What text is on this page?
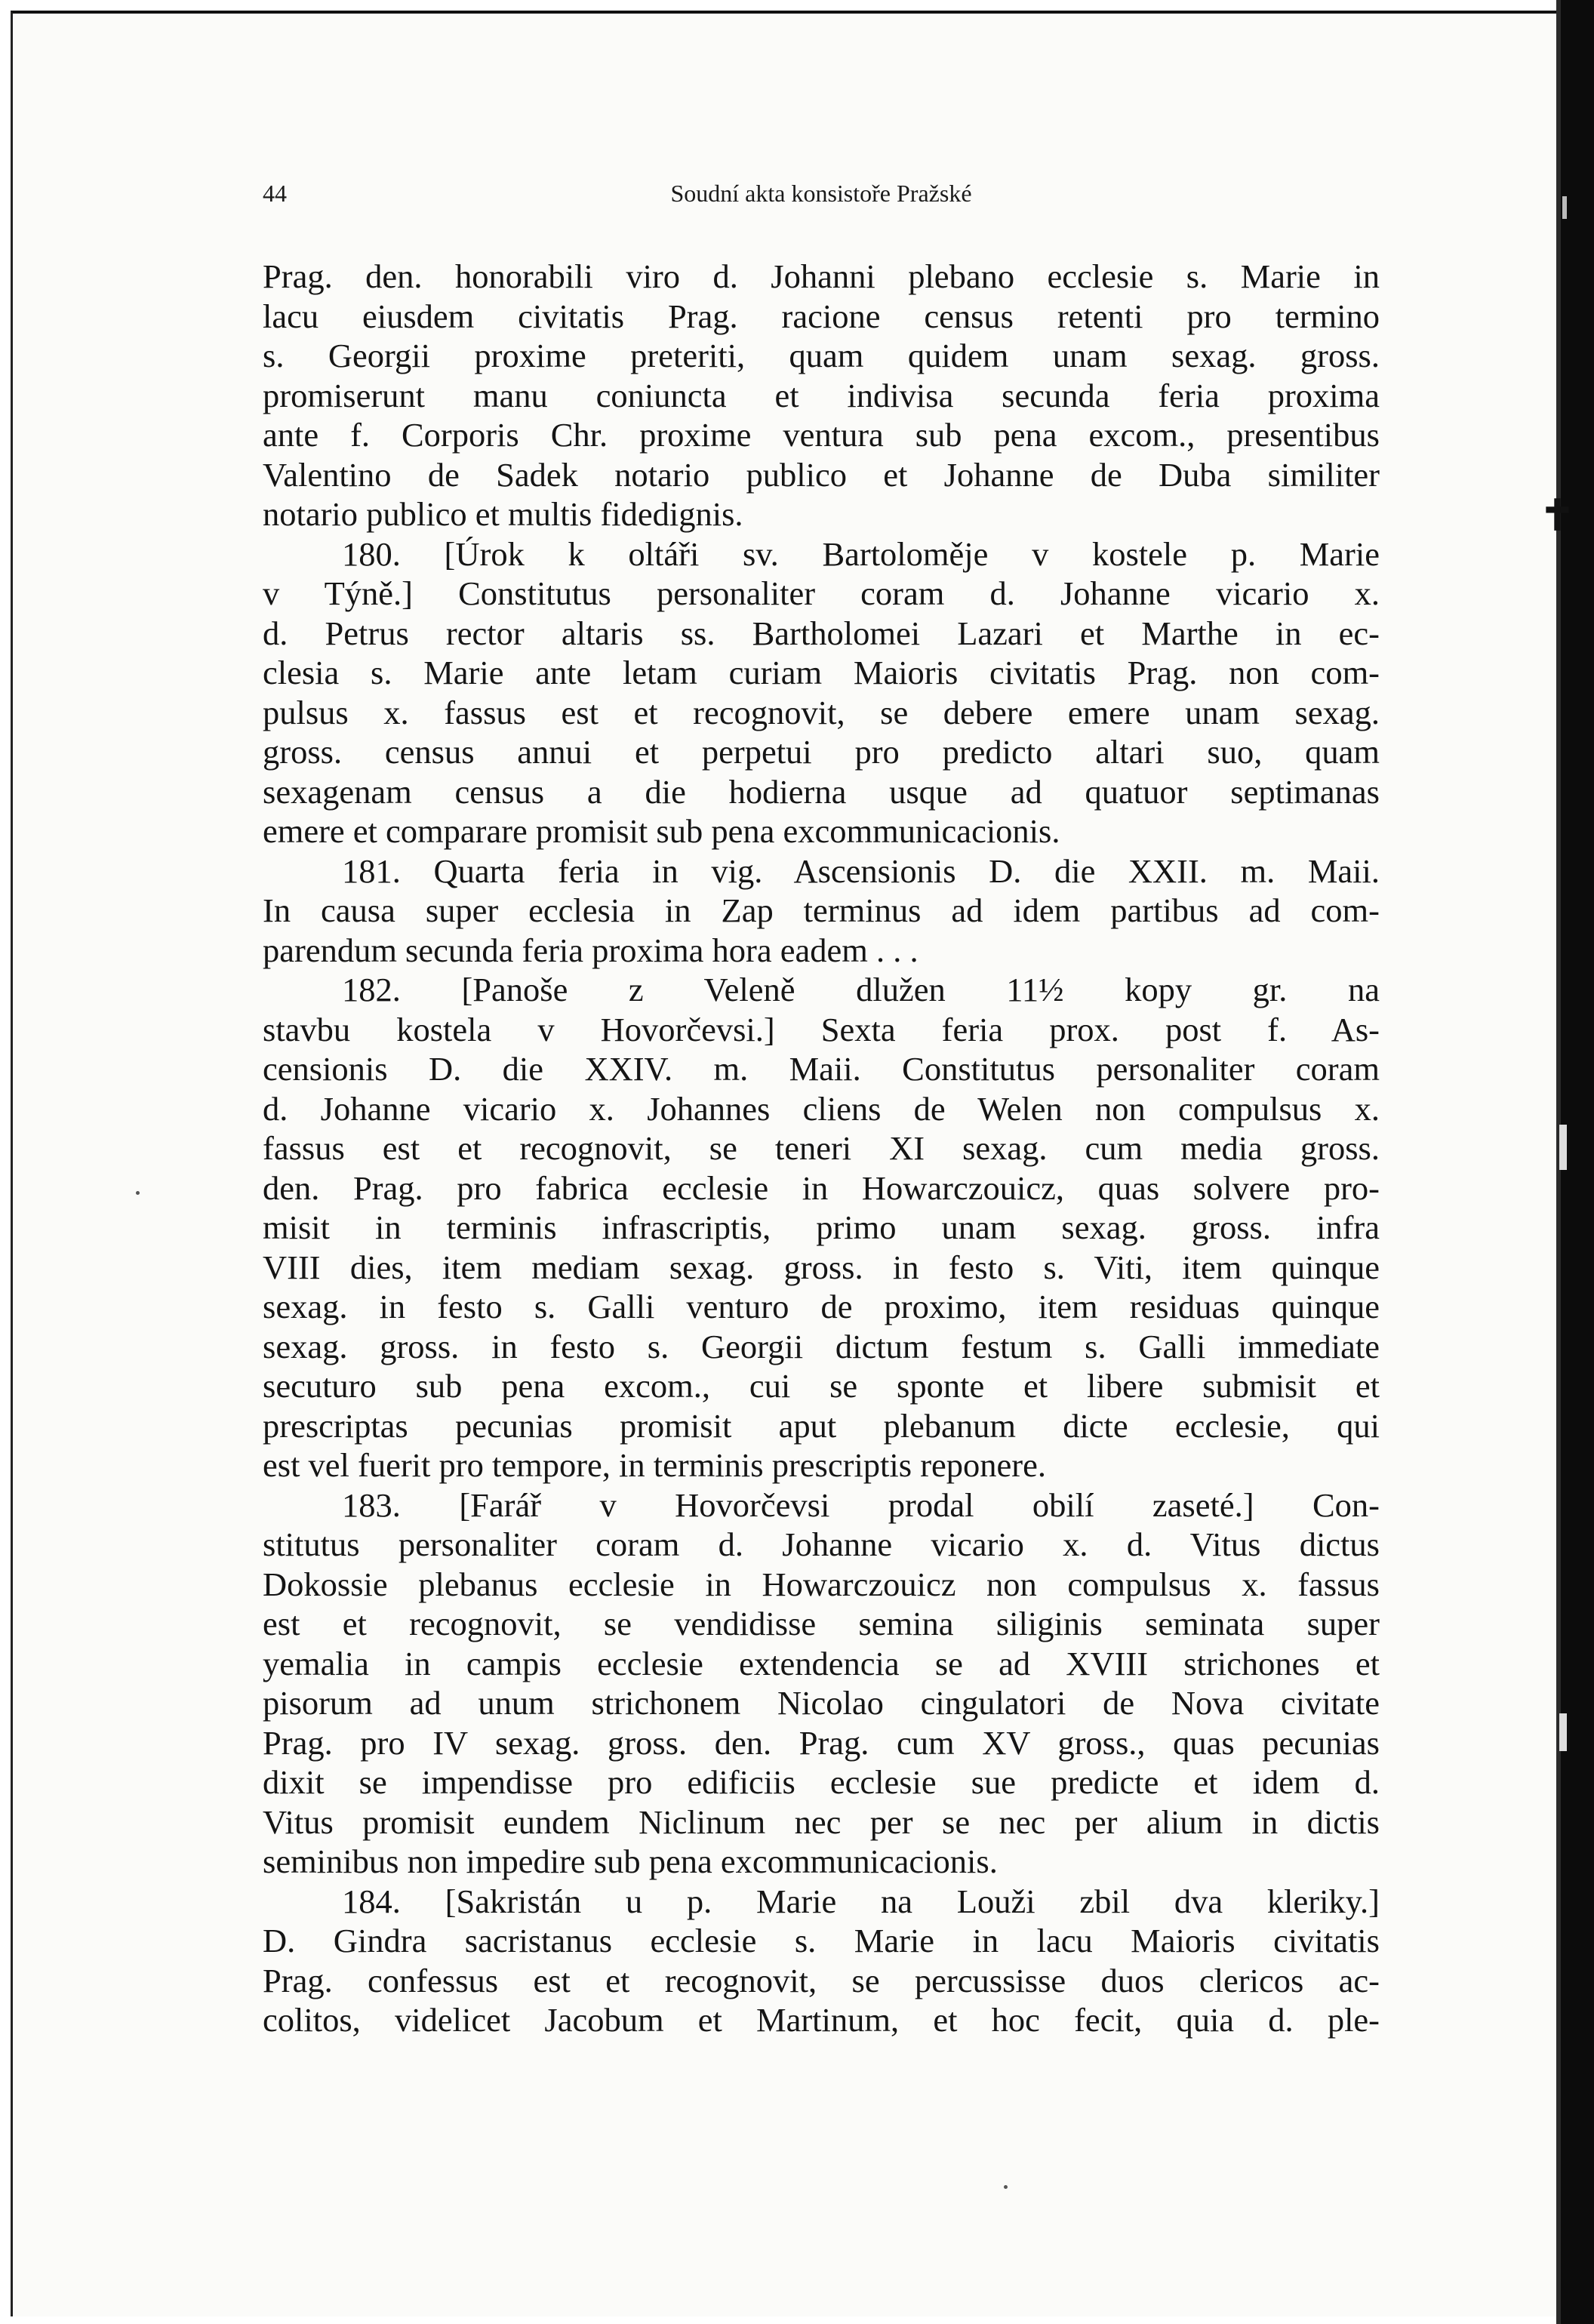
✝
44	Soudní akta konsistoře Pražské
Prag. den. honorabili viro d. Johanni plebano ecclesie s. Marie in
lacu eiusdem civitatis Prag. racione census retenti pro termino
s. Georgii proxime preteriti, quam quidem unam sexag. gross.
promiserunt manu coniuncta et indivisa secunda feria proxima
ante f. Corporis Chr. proxime ventura sub pena excom., presentibus
Valentino de Sadek notario publico et Johanne de Duba similiter
notario publico et multis fidedignis.
180. [Úrok k oltáři sv. Bartoloměje v kostele p. Marie
v Týně.] Constitutus personaliter coram d. Johanne vicario x.
d. Petrus rector altaris ss. Bartholomei Lazari et Marthe in ec-
clesia s. Marie ante letam curiam Maioris civitatis Prag. non com-
pulsus x. fassus est et recognovit, se debere emere unam sexag.
gross. census annui et perpetui pro predicto altari suo, quam
sexagenam census a die hodierna usque ad quatuor septimanas
emere et comparare promisit sub pena excommunicacionis.
181. Quarta feria in vig. Ascensionis D. die XXII. m. Maii.
In causa super ecclesia in Zap terminus ad idem partibus ad com-
parendum secunda feria proxima hora eadem . . .
182. [Panoše z Veleně dlužen 11½ kopy gr. na
stavbu kostela v Hovorčevsi.] Sexta feria prox. post f. As-
censionis D. die XXIV. m. Maii. Constitutus personaliter coram
d. Johanne vicario x. Johannes cliens de Welen non compulsus x.
fassus est et recognovit, se teneri XI sexag. cum media gross.
den. Prag. pro fabrica ecclesie in Howarczouicz, quas solvere pro-
misit in terminis infrascriptis, primo unam sexag. gross. infra
VIII dies, item mediam sexag. gross. in festo s. Viti, item quinque
sexag. in festo s. Galli venturo de proximo, item residuas quinque
sexag. gross. in festo s. Georgii dictum festum s. Galli immediate
secuturo sub pena excom., cui se sponte et libere submisit et
prescriptas pecunias promisit aput plebanum dicte ecclesie, qui
est vel fuerit pro tempore, in terminis prescriptis reponere.
183. [Farář v Hovorčevsi prodal obilí zaseté.] Con-
stitutus personaliter coram d. Johanne vicario x. d. Vitus dictus
Dokossie plebanus ecclesie in Howarczouicz non compulsus x. fassus
est et recognovit, se vendidisse semina siliginis seminata super
yemalia in campis ecclesie extendencia se ad XVIII strichones et
pisorum ad unum strichonem Nicolao cingulatori de Nova civitate
Prag. pro IV sexag. gross. den. Prag. cum XV gross., quas pecunias
dixit se impendisse pro edificiis ecclesie sue predicte et idem d.
Vitus promisit eundem Niclinum nec per se nec per alium in dictis
seminibus non impedire sub pena excommunicacionis.
184. [Sakristán u p. Marie na Louži zbil dva kleriky.]
D. Gindra sacristanus ecclesie s. Marie in lacu Maioris civitatis
Prag. confessus est et recognovit, se percussisse duos clericos ac-
colitos, videlicet Jacobum et Martinum, et hoc fecit, quia d. ple-
